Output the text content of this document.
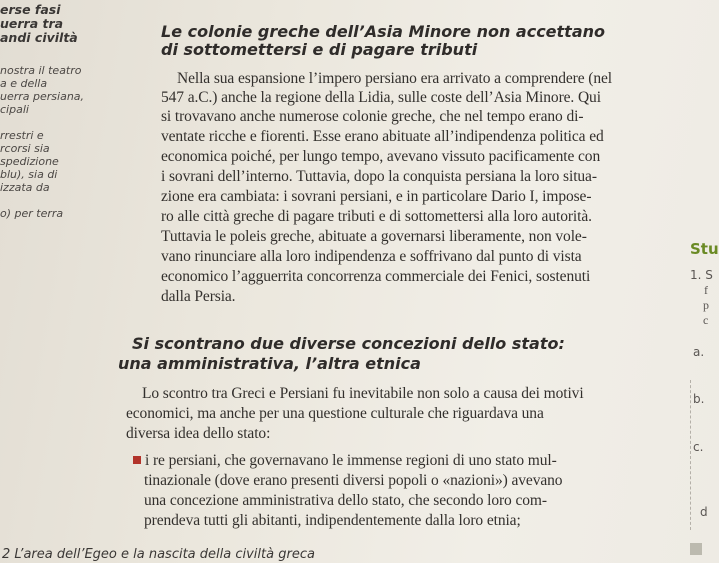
erse fasi
uerra tra
andi civiltà
nostra il teatro
a e della
uerra persiana,
cipali
rrestri e
rcorsi sia
spedizione
blu), sia di
izzata da
o) per terra
Le colonie greche dell’Asia Minore non accettano
di sottomettersi e di pagare tributi
Nella sua espansione l’impero persiano era arrivato a comprendere (nel
547 a.C.) anche la regione della Lidia, sulle coste dell’Asia Minore. Qui
si trovavano anche numerose colonie greche, che nel tempo erano di-
ventate ricche e fiorenti. Esse erano abituate all’indipendenza politica ed
economica poiché, per lungo tempo, avevano vissuto pacificamente con
i sovrani dell’interno. Tuttavia, dopo la conquista persiana la loro situa-
zione era cambiata: i sovrani persiani, e in particolare Dario I, impose-
ro alle città greche di pagare tributi e di sottomettersi alla loro autorità.
Tuttavia le poleis greche, abituate a governarsi liberamente, non vole-
vano rinunciare alla loro indipendenza e soffrivano dal punto di vista
economico l’agguerrita concorrenza commerciale dei Fenici, sostenuti
dalla Persia.
Si scontrano due diverse concezioni dello stato:
una amministrativa, l’altra etnica
Lo scontro tra Greci e Persiani fu inevitabile non solo a causa dei motivi
economici, ma anche per una questione culturale che riguardava una
diversa idea dello stato:
i re persiani, che governavano le immense regioni di uno stato mul-
tinazionale (dove erano presenti diversi popoli o «nazioni») avevano
una concezione amministrativa dello stato, che secondo loro com-
prendeva tutti gli abitanti, indipendentemente dalla loro etnia;
Stu
1. S
f
p
c
a.
b.
c.
d
2 L’area dell’Egeo e la nascita della civiltà greca
